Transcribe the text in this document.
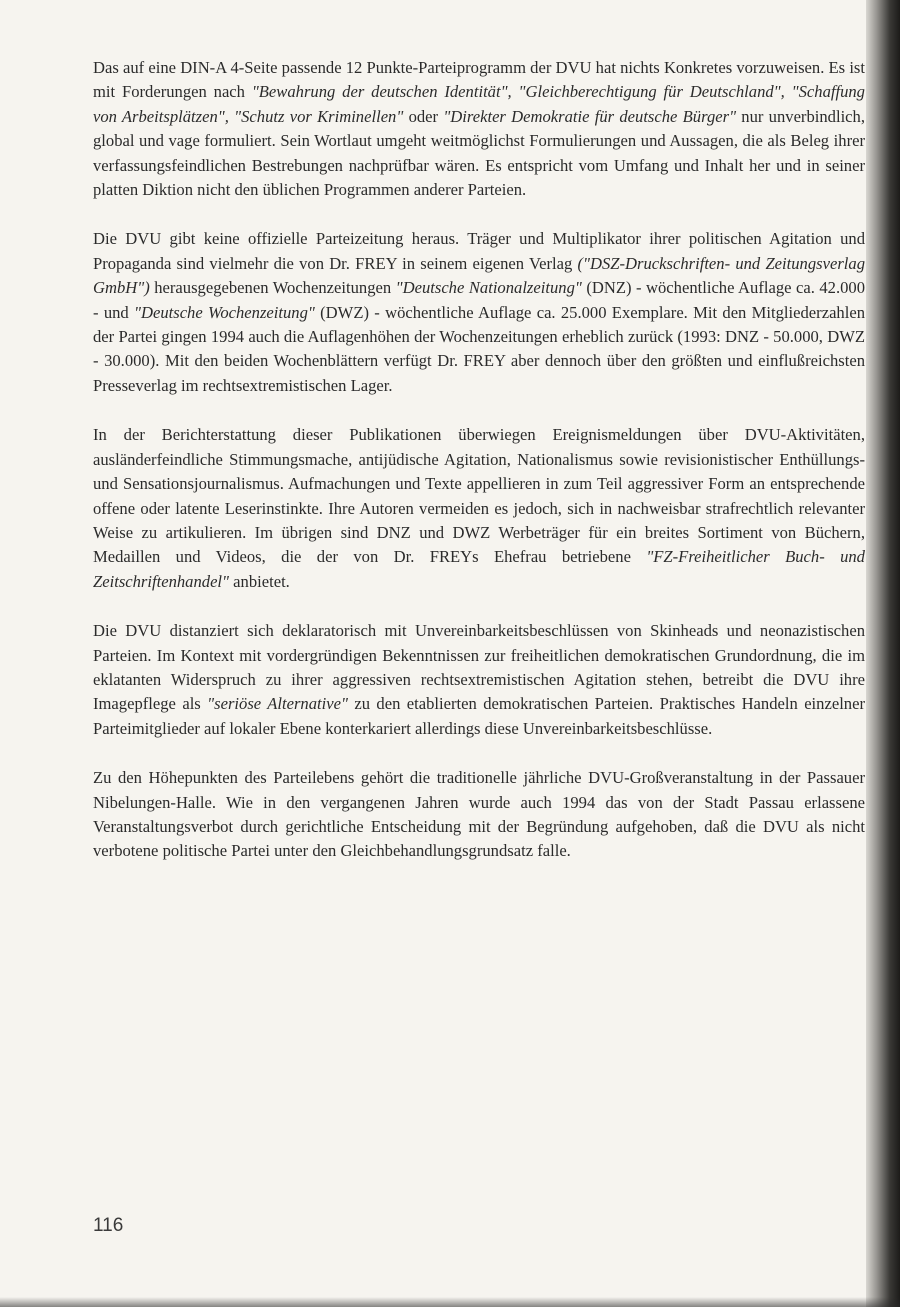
Das auf eine DIN-A 4-Seite passende 12 Punkte-Parteiprogramm der DVU hat nichts Konkretes vorzuweisen. Es ist mit Forderungen nach "Bewahrung der deutschen Identität", "Gleichberechtigung für Deutschland", "Schaffung von Arbeitsplätzen", "Schutz vor Kriminellen" oder "Direkter Demokratie für deutsche Bürger" nur unverbindlich, global und vage formuliert. Sein Wortlaut umgeht weitmöglichst Formulierungen und Aussagen, die als Beleg ihrer verfassungsfeindlichen Bestrebungen nachprüfbar wären. Es entspricht vom Umfang und Inhalt her und in seiner platten Diktion nicht den üblichen Programmen anderer Parteien.

Die DVU gibt keine offizielle Parteizeitung heraus. Träger und Multiplikator ihrer politischen Agitation und Propaganda sind vielmehr die von Dr. FREY in seinem eigenen Verlag ("DSZ-Druckschriften- und Zeitungsverlag GmbH") herausgegebenen Wochenzeitungen "Deutsche Nationalzeitung" (DNZ) - wöchentliche Auflage ca. 42.000 - und "Deutsche Wochenzeitung" (DWZ) - wöchentliche Auflage ca. 25.000 Exemplare. Mit den Mitgliederzahlen der Partei gingen 1994 auch die Auflagenhöhen der Wochenzeitungen erheblich zurück (1993: DNZ - 50.000, DWZ - 30.000). Mit den beiden Wochenblättern verfügt Dr. FREY aber dennoch über den größten und einflußreichsten Presseverlag im rechtsextremistischen Lager.

In der Berichterstattung dieser Publikationen überwiegen Ereignismeldungen über DVU-Aktivitäten, ausländerfeindliche Stimmungsmache, antijüdische Agitation, Nationalismus sowie revisionistischer Enthüllungs- und Sensationsjournalismus. Aufmachungen und Texte appellieren in zum Teil aggressiver Form an entsprechende offene oder latente Leserinstinkte. Ihre Autoren vermeiden es jedoch, sich in nachweisbar strafrechtlich relevanter Weise zu artikulieren. Im übrigen sind DNZ und DWZ Werbeträger für ein breites Sortiment von Büchern, Medaillen und Videos, die der von Dr. FREYs Ehefrau betriebene "FZ-Freiheitlicher Buch- und Zeitschriftenhandel" anbietet.

Die DVU distanziert sich deklaratorisch mit Unvereinbarkeitsbeschlüssen von Skinheads und neonazistischen Parteien. Im Kontext mit vordergründigen Bekenntnissen zur freiheitlichen demokratischen Grundordnung, die im eklatanten Widerspruch zu ihrer aggressiven rechtsextremistischen Agitation stehen, betreibt die DVU ihre Imagepflege als "seriöse Alternative" zu den etablierten demokratischen Parteien. Praktisches Handeln einzelner Parteimitglieder auf lokaler Ebene konterkariert allerdings diese Unvereinbarkeitsbeschlüsse.

Zu den Höhepunkten des Parteilebens gehört die traditionelle jährliche DVU-Großveranstaltung in der Passauer Nibelungen-Halle. Wie in den vergangenen Jahren wurde auch 1994 das von der Stadt Passau erlassene Veranstaltungsverbot durch gerichtliche Entscheidung mit der Begründung aufgehoben, daß die DVU als nicht verbotene politische Partei unter den Gleichbehandlungsgrundsatz falle.

116
